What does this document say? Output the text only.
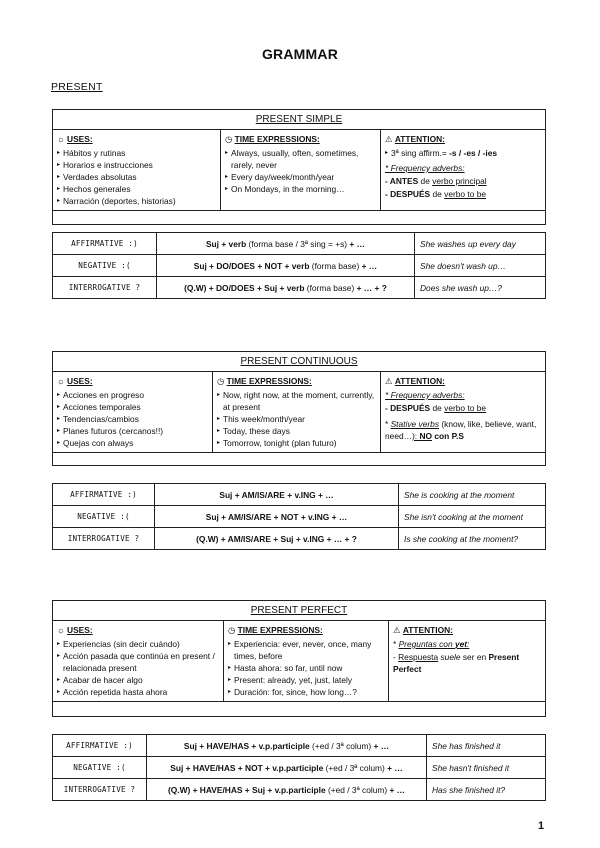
GRAMMAR
PRESENT
PRESENT SIMPLE
☼ USES:
▸ Hábitos y rutinas
▸ Horarios e instrucciones
▸ Verdades absolutas
▸ Hechos generales
▸ Narración (deportes, historias)
◷ TIME EXPRESSIONS:
▸ Always, usually, often, sometimes, rarely, never
▸ Every day/week/month/year
▸ On Mondays, in the morning…
⚠ ATTENTION:
▸ 3ª sing affirm.= -s / -es / -ies
* Frequency adverbs:
- ANTES de verbo principal
- DESPUÉS de verbo to be
AFFIRMATIVE :)	Suj + verb (forma base / 3ª sing = +s) + …	She washes up every day
NEGATIVE :(	Suj + DO/DOES + NOT + verb (forma base) + …	She doesn't wash up…
INTERROGATIVE ?	(Q.W) + DO/DOES + Suj + verb (forma base) + … + ?	Does she wash up…?
PRESENT CONTINUOUS
☼ USES:
▸ Acciones en progreso
▸ Acciones temporales
▸ Tendencias/cambios
▸ Planes futuros (cercanos!!)
▸ Quejas con always
◷ TIME EXPRESSIONS:
▸ Now, right now, at the moment, currently, at present
▸ This week/month/year
▸ Today, these days
▸ Tomorrow, tonight (plan futuro)
⚠ ATTENTION:
* Frequency adverbs:
- DESPUÉS de verbo to be
* Stative verbs (know, like, believe, want, need…): NO con P.S
AFFIRMATIVE :)	Suj + AM/IS/ARE + v.ING + …	She is cooking at the moment
NEGATIVE :(	Suj + AM/IS/ARE + NOT + v.ING + …	She isn't cooking at the moment
INTERROGATIVE ?	(Q.W) + AM/IS/ARE + Suj + v.ING + … + ?	Is she cooking at the moment?
PRESENT PERFECT
☼ USES:
▸ Experiencias (sin decir cuándo)
▸ Acción pasada que continúa en present / relacionada present
▸ Acabar de hacer algo
▸ Acción repetida hasta ahora
◷ TIME EXPRESSIONS:
▸ Experiencia: ever, never, once, many times, before
▸ Hasta ahora: so far, until now
▸ Present: already, yet, just, lately
▸ Duración: for, since, how long…?
⚠ ATTENTION:
* Preguntas con yet:
- Respuesta suele ser en Present Perfect
AFFIRMATIVE :)	Suj + HAVE/HAS + v.p.participle (+ed / 3ª colum) + …	She has finished it
NEGATIVE :(	Suj + HAVE/HAS + NOT + v.p.participle (+ed / 3ª colum) + …	She hasn't finished it
INTERROGATIVE ?	(Q.W) + HAVE/HAS + Suj + v.p.participle (+ed / 3ª colum) + …	Has she finished it?
1
